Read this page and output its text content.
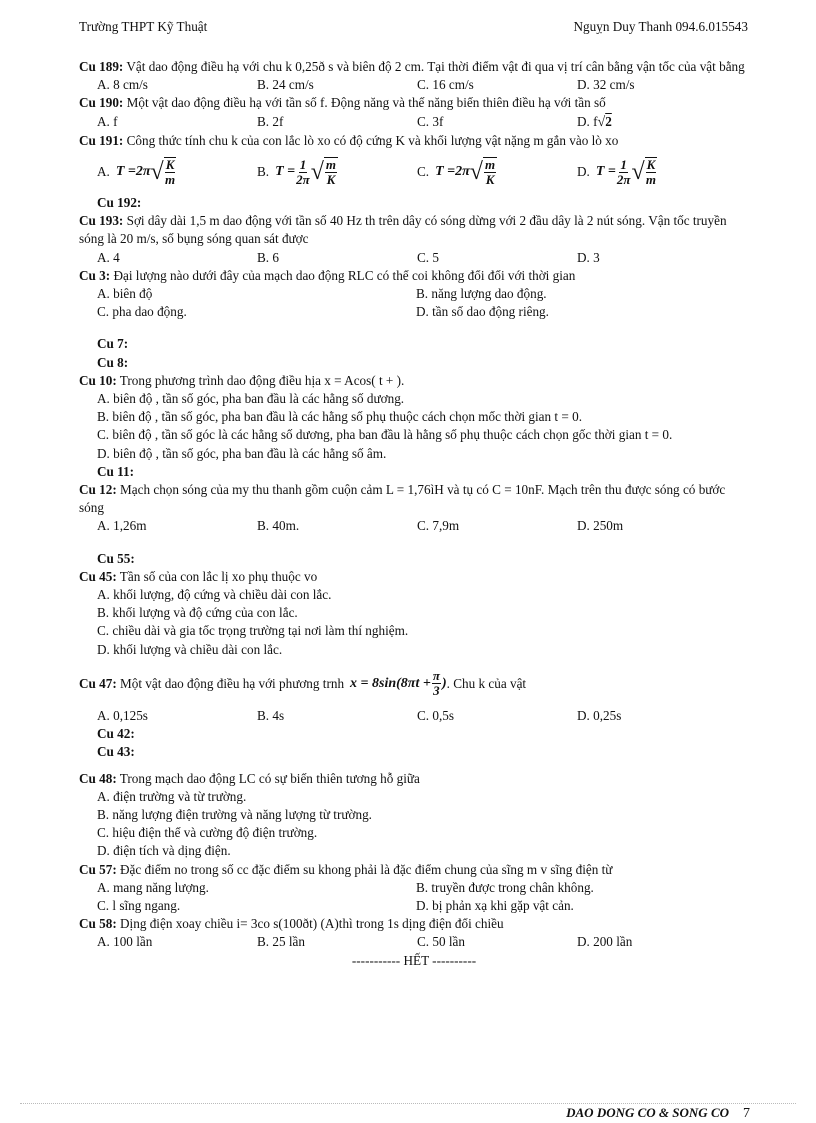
Trường THPT Kỹ Thuật	Nguỵn Duy Thanh 094.6.015543

Cu 189: Vật dao động điều hạ với chu k 0,25ð s và biên độ 2 cm. Tại thời điểm vật đi qua vị trí cân bằng vận tốc của vật bằng

A. 8 cm/s	B. 24 cm/s	C. 16 cm/s	D. 32 cm/s

Cu 190: Một vật dao động điều hạ với tần số f. Động năng và thế năng biến thiên điều hạ với tần số

A. f	B. 2f	C. 3f	D. f√2

Cu 191: Công thức tính chu k của con lắc lò xo có độ cứng K và khối lượng vật nặng m gắn vào lò xo

A. T
= 2π √ $\frac{K}{m}$	B. T
= $\frac{1}{2\pi}$ √ $\frac{m}{K}$	C. T
= 2π √ $\frac{m}{K}$	D. T
= $\frac{1}{2\pi}$ √ $\frac{K}{m}$
Cu 192:

Cu 193: Sợi dây dài 1,5 m dao động với tần số 40 Hz th trên dây có sóng dừng với 2 đầu dây là 2 nút sóng. Vận tốc truyền sóng là 20 m/s, số bụng sóng quan sát được

A. 4	B. 6	C. 5	D. 3

Cu 3: Đại lượng nào dưới đây của mạch dao động RLC có thể coi không đổi đối với thời gian

A. biên độ	B. năng lượng dao động.
C. pha dao động.	D. tần số dao động riêng.
Cu 7:
Cu 8:

Cu 10: Trong phương trình dao động điều hịa x = Acos( t + ).

A. biên độ , tần số góc, pha ban đầu là các hằng số dương.
B. biên độ , tần số góc, pha ban đầu là các hằng số phụ thuộc cách chọn mốc thời gian t = 0.
C. biên độ , tần số góc là các hằng số dương, pha ban đầu là hằng số phụ thuộc cách chọn gốc thời gian t = 0.
D. biên độ , tần số góc, pha ban đầu là các hằng số âm.
Cu 11:

Cu 12: Mạch chọn sóng của my thu thanh gồm cuộn cảm L = 1,76ìH và tụ có C = 10nF. Mạch trên thu được sóng có bước sóng

A. 1,26m	B. 40m.	C. 7,9m	D. 250m
Cu 55:

Cu 45: Tần số của con lắc lị xo phụ thuộc vo

A. khối lượng, độ cứng và chiều dài con lắc.
B. khối lượng và độ cứng của con lắc.
C. chiều dài và gia tốc trọng trường tại nơi làm thí nghiệm.
D. khối lượng và chiều dài con lắc.

Cu 47:
Một vật dao động điều hạ với phương trnh $x = 8\sin(8\pi t + \frac{\pi}{3}$ ) . Chu k của vật

A. 0,125s	B. 4s	C. 0,5s	D. 0,25s
Cu 42:
Cu 43:

Cu 48: Trong mạch dao động LC có sự biến thiên tương hỗ giữa

A. điện trường và từ trường.
B. năng lượng điện trường và năng lượng từ trường.
C. hiệu điện thế và cường độ điện trường.
D. điện tích và dịng điện.

Cu 57: Đặc điểm no trong số cc đặc điểm su khong phải là đặc điểm chung của sĩng m v sĩng điện từ

A. mang năng lượng.	B. truyền được trong chân không.
C. l sĩng ngang.	D. bị phản xạ khi gặp vật cản.

Cu 58: Dịng điện xoay chiều i= 3co s(100ðt) (A)thì trong 1s dịng điện đổi chiều

A. 100 lần	B. 25 lần	C. 50 lần	D. 200 lần
----------- HẾT ----------
DAO DONG CO & SONG CO 7
